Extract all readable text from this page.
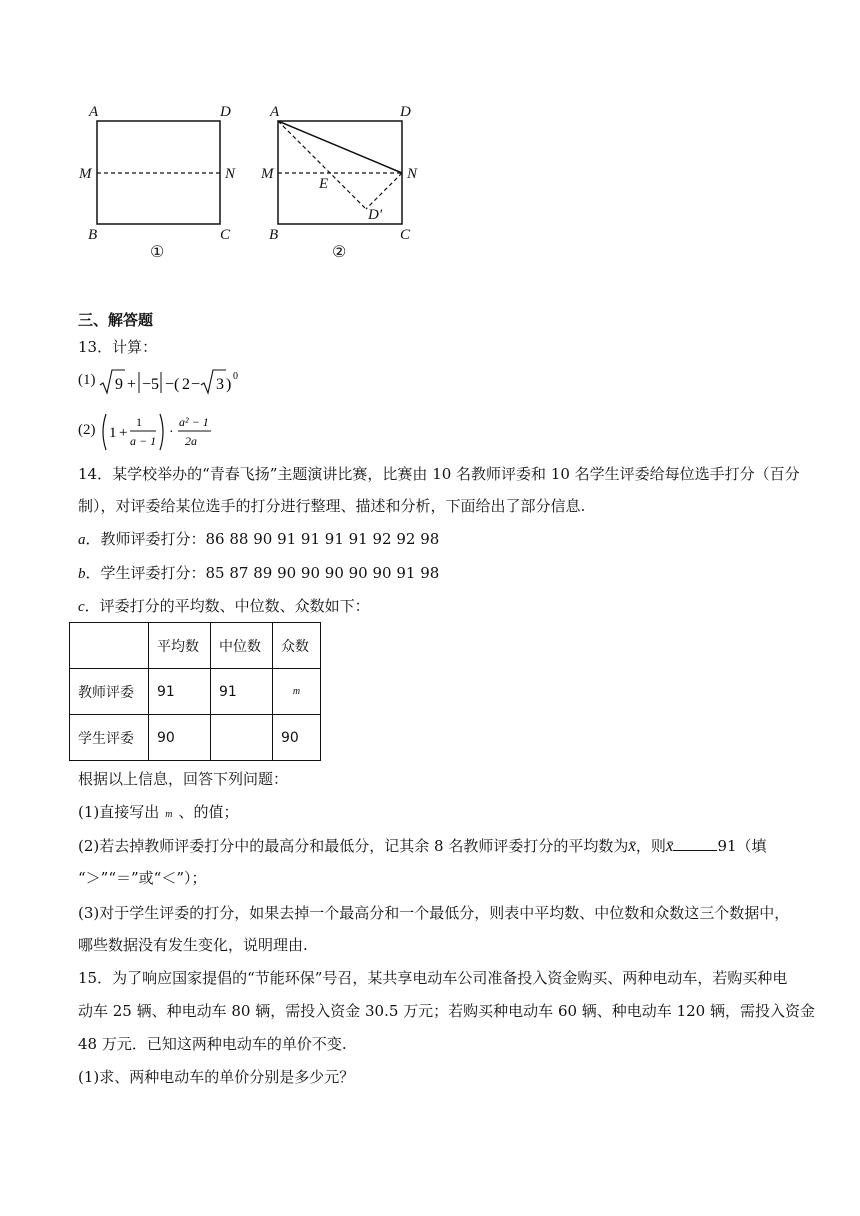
A	D
M	N
B	C
①
A	D
M	N
E
D′
B	C
②
三、解答题
13．计算：
(1) 9 + −5 −( 2 − 3 ) 0
(2) 1 +
1
a − 1
·
a² − 1
2a
14．某学校举办的“青春飞扬”主题演讲比赛，比赛由 10 名教师评委和 10 名学生评委给每位选手打分（百分
制），对评委给某位选手的打分进行整理、描述和分析，下面给出了部分信息.
a．教师评委打分：86 88 90 91 91 91 91 92 92 98
b．学生评委打分：85 87 89 90 90 90 90 90 91 98
c．评委打分的平均数、中位数、众数如下：
	平均数	中位数	众数
教师评委	91	91	m
学生评委	90		90
根据以上信息，回答下列问题：
(1)直接写出 m 、的值；
(2)若去掉教师评委打分中的最高分和最低分，记其余 8 名教师评委打分的平均数为x̄，则x̄	91（填
“＞”“＝”或“＜”）；
(3)对于学生评委的打分，如果去掉一个最高分和一个最低分，则表中平均数、中位数和众数这三个数据中，
哪些数据没有发生变化，说明理由.
15．为了响应国家提倡的“节能环保”号召，某共享电动车公司准备投入资金购买、两种电动车，若购买种电
动车 25 辆、种电动车 80 辆，需投入资金 30.5 万元；若购买种电动车 60 辆、种电动车 120 辆，需投入资金
48 万元．已知这两种电动车的单价不变.
(1)求、两种电动车的单价分别是多少元？
